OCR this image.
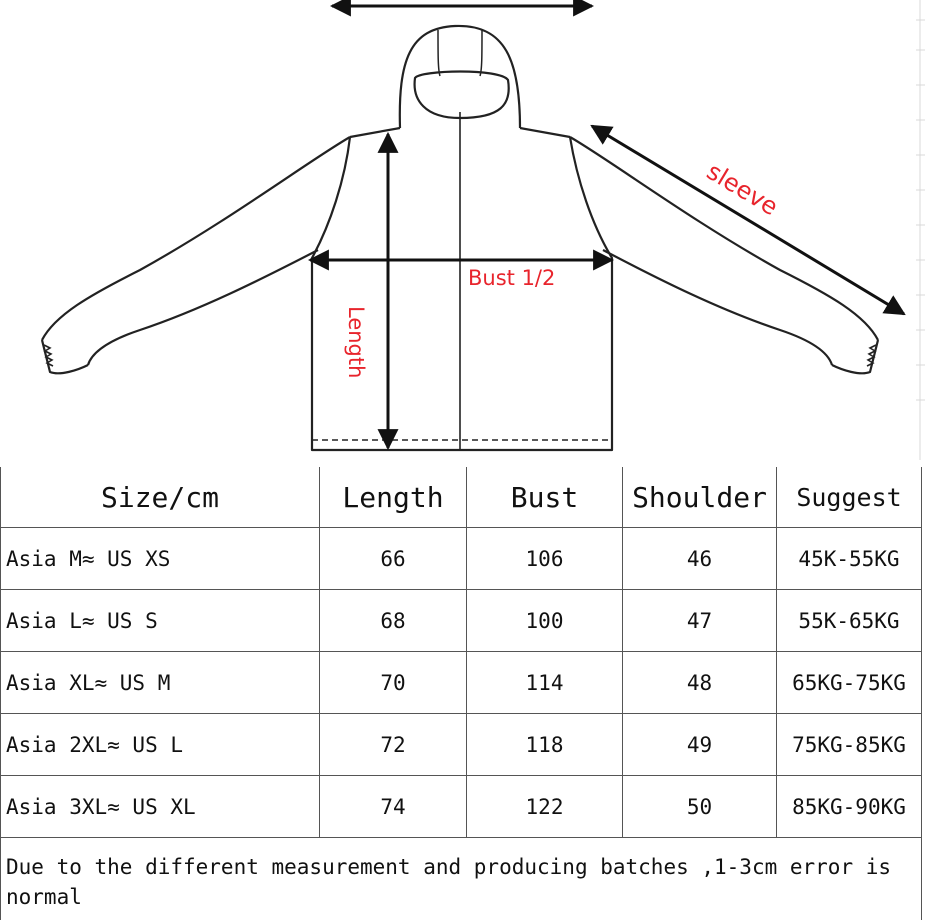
sleeve
Bust 1/2
Length
Size/cm	Length	Bust	Shoulder	Suggest
Asia M≈ US XS	66	106	46	45K-55KG
Asia L≈ US S	68	100	47	55K-65KG
Asia XL≈ US M	70	114	48	65KG-75KG
Asia 2XL≈ US L	72	118	49	75KG-85KG
Asia 3XL≈ US XL	74	122	50	85KG-90KG
Due to the different measurement and producing batches ,1-3cm error is normal				
